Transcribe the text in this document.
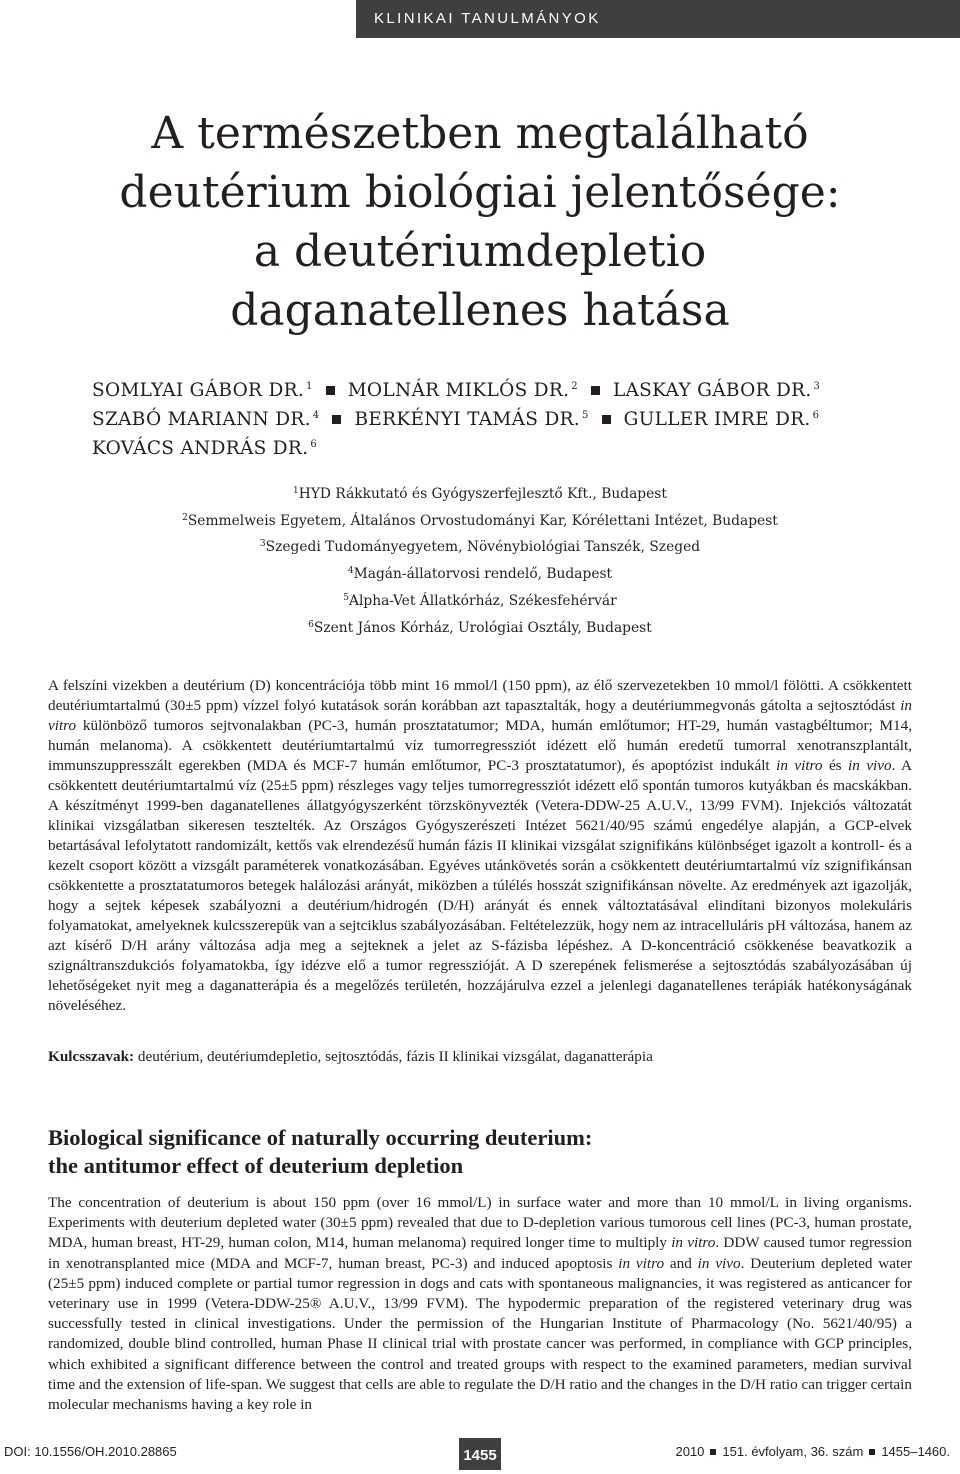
KLINIKAI TANULMÁNYOK
A természetben megtalálható
deutérium biológiai jelentősége:
a deutériumdepletio
daganatellenes hatása
SOMLYAI GÁBOR DR. $^1$ MOLNÁR MIKLÓS DR. $^2$ LASKAY GÁBOR DR. $^3$
SZABÓ MARIANN DR. $^4$ BERKÉNYI TAMÁS DR. $^5$ GULLER IMRE DR. $^6$
KOVÁCS ANDRÁS DR. $^6$
$^1$HYD Rákkutató és Gyógyszerfejlesztő Kft., Budapest
$^2$Semmelweis Egyetem, Általános Orvostudományi Kar, Kórélettani Intézet, Budapest
$^3$Szegedi Tudományegyetem, Növénybiológiai Tanszék, Szeged
$^4$Magán-állatorvosi rendelő, Budapest
$^5$Alpha-Vet Állatkórház, Székesfehérvár
$^6$Szent János Kórház, Urológiai Osztály, Budapest

A felszíni vizekben a deutérium (D) koncentrációja több mint 16 mmol/l (150 ppm), az élő szervezetekben 10 mmol/l fölötti. A csökkentett deutériumtartalmú (30±5 ppm) vízzel folyó kutatások során korábban azt tapasztalták, hogy a deutériummegvonás gátolta a sejtosztódást in vitro különböző tumoros sejtvonalakban (PC-3, humán prosztatatumor; MDA, humán emlőtumor; HT-29, humán vastagbéltumor; M14, humán melanoma). A csökkentett deutériumtartalmú víz tumorregressziót idézett elő humán eredetű tumorral xenotranszplantált, immunszuppresszált egerekben (MDA és MCF-7 humán emlőtumor, PC-3 prosztatatumor), és apoptózist indukált in vitro és in vivo. A csökkentett deutériumtartalmú víz (25±5 ppm) részleges vagy teljes tumorregressziót idézett elő spontán tumoros kutyákban és macskákban. A készítményt 1999-ben daganatellenes állatgyógyszerként törzskönyvezték (Vetera-DDW-25 A.U.V., 13/99 FVM). Injekciós változatát klinikai vizsgálatban sikeresen tesztelték. Az Országos Gyógyszerészeti Intézet 5621/40/95 számú engedélye alapján, a GCP-elvek betartásával lefolytatott randomizált, kettős vak elrendezésű humán fázis II klinikai vizsgálat szignifikáns különbséget igazolt a kontroll- és a kezelt csoport között a vizsgált paraméterek vonatkozásában. Egyéves utánkövetés során a csökkentett deutériumtartalmú víz szignifikánsan csökkentette a prosztatatumoros betegek halálozási arányát, miközben a túlélés hosszát szignifikánsan növelte. Az eredmények azt igazolják, hogy a sejtek képesek szabályozni a deutérium/hidrogén (D/H) arányát és ennek változtatásával elindítani bizonyos molekuláris folyamatokat, amelyeknek kulcsszerepük van a sejtciklus szabályozásában. Feltételezzük, hogy nem az intracelluláris pH változása, hanem az azt kísérő D/H arány változása adja meg a sejteknek a jelet az S-fázisba lépéshez. A D-koncentráció csökkenése beavatkozik a szignáltranszdukciós folyamatokba, így idézve elő a tumor regresszióját. A D szerepének felismerése a sejtosztódás szabályozásában új lehetőségeket nyit meg a daganatterápia és a megelőzés területén, hozzájárulva ezzel a jelenlegi daganatellenes terápiák hatékonyságának növeléséhez.

Kulcsszavak: deutérium, deutériumdepletio, sejtosztódás, fázis II klinikai vizsgálat, daganatterápia

Biological significance of naturally occurring deuterium:
the antitumor effect of deuterium depletion

The concentration of deuterium is about 150 ppm (over 16 mmol/L) in surface water and more than 10 mmol/L in living organisms. Experiments with deuterium depleted water (30±5 ppm) revealed that due to D-depletion various tumorous cell lines (PC-3, human prostate, MDA, human breast, HT-29, human colon, M14, human melanoma) required longer time to multiply in vitro. DDW caused tumor regression in xenotransplanted mice (MDA and MCF-7, human breast, PC-3) and induced apoptosis in vitro and in vivo. Deuterium depleted water (25±5 ppm) induced complete or partial tumor regression in dogs and cats with spontaneous malignancies, it was registered as anticancer for veterinary use in 1999 (Vetera-DDW-25® A.U.V., 13/99 FVM). The hypodermic preparation of the registered veterinary drug was successfully tested in clinical investigations. Under the permission of the Hungarian Institute of Pharmacology (No. 5621/40/95) a randomized, double blind controlled, human Phase II clinical trial with prostate cancer was performed, in compliance with GCP principles, which exhibited a significant difference between the control and treated groups with respect to the examined parameters, median survival time and the extension of life-span. We suggest that cells are able to regulate the D/H ratio and the changes in the D/H ratio can trigger certain molecular mechanisms having a key role in

DOI: 10.1556/OH.2010.28865	1455	2010 151. évfolyam, 36. szám 1455–1460.
